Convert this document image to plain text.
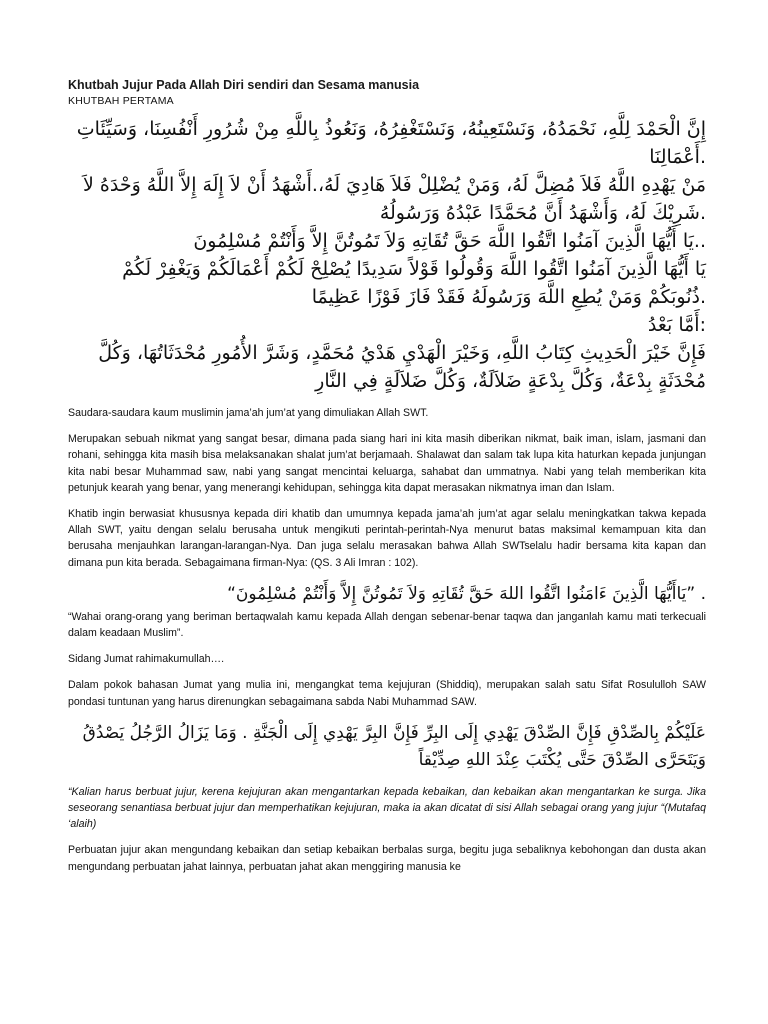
Khutbah Jujur Pada Allah Diri sendiri dan Sesama manusia
KHUTBAH PERTAMA

إِنَّ الْحَمْدَ لِلَّهِ، نَحْمَدُهُ، وَنَسْتَعِينُهُ، وَنَسْتَغْفِرُهُ، وَنَعُوذُ بِاللَّهِ مِنْ شُرُورِ أَنْفُسِنَا، وَسَيِّئَاتِ

.أَعْمَالِنَا

مَنْ يَهْدِهِ اللَّهُ فَلاَ مُضِلَّ لَهُ، وَمَنْ يُضْلِلْ فَلاَ هَادِيَ لَهُ،.أَشْهَدُ أَنْ لاَ إِلَهَ إِلاَّ اللَّهُ وَحْدَهُ لاَ

.شَرِيْكَ لَهُ، وَأَشْهَدُ أَنَّ مُحَمَّدًا عَبْدُهُ وَرَسُولُهُ

..يَا أَيُّهَا الَّذِينَ آمَنُوا اتَّقُوا اللَّهَ حَقَّ تُقَاتِهِ وَلاَ تَمُوتُنَّ إِلاَّ وَأَنْتُمْ مُسْلِمُونَ

يَا أَيُّهَا الَّذِينَ آمَنُوا اتَّقُوا اللَّهَ وَقُولُوا قَوْلاً سَدِيدًا يُصْلِحْ لَكُمْ أَعْمَالَكُمْ وَيَغْفِرْ لَكُمْ

.ذُنُوبَكُمْ وَمَنْ يُطِعِ اللَّهَ وَرَسُولَهُ فَقَدْ فَازَ فَوْزًا عَظِيمًا

:أَمَّا بَعْدُ

فَإِنَّ خَيْرَ الْحَدِيثِ كِتَابُ اللَّهِ، وَخَيْرَ الْهَدْيِ هَدْيُ مُحَمَّدٍ، وَشَرَّ الأُمُورِ مُحْدَثَاتُهَا، وَكُلَّ

مُحْدَثَةٍ بِدْعَةٌ، وَكُلَّ بِدْعَةٍ ضَلاَلَةٌ، وَكُلَّ ضَلاَلَةٍ فِي النَّارِ

Saudara-saudara kaum muslimin jama’ah jum’at yang dimuliakan Allah SWT.

Merupakan sebuah nikmat yang sangat besar, dimana pada siang hari ini kita masih diberikan nikmat, baik iman, islam, jasmani dan rohani, sehingga kita masih bisa melaksanakan shalat jum’at berjamaah. Shalawat dan salam tak lupa kita haturkan kepada junjungan kita nabi besar Muhammad saw, nabi yang sangat mencintai keluarga, sahabat dan ummatnya. Nabi yang telah memberikan kita petunjuk kearah yang benar, yang menerangi kehidupan, sehingga kita dapat merasakan nikmatnya iman dan Islam.

Khatib ingin berwasiat khususnya kepada diri khatib dan umumnya kepada jama’ah jum’at agar selalu meningkatkan takwa kepada Allah SWT, yaitu dengan selalu berusaha untuk mengikuti perintah-perintah-Nya menurut batas maksimal kemampuan kita dan berusaha menjauhkan larangan-larangan-Nya. Dan juga selalu merasakan bahwa Allah SWTselalu hadir bersama kita kapan dan dimana pun kita berada. Sebagaimana firman-Nya: (QS. 3 Ali Imran : 102).

. ”يَاأَيُّهَا الَّذِينَ ءَامَنُوا اتَّقُوا اللهَ حَقَّ تُقَاتِهِ وَلاَ تَمُوتُنَّ إِلاَّ وَأَنْتُمْ مُسْلِمُونَ“

“Wahai orang-orang yang beriman bertaqwalah kamu kepada Allah dengan sebenar-benar taqwa dan janganlah kamu mati terkecuali dalam keadaan Muslim”.

Sidang Jumat rahimakumullah….

Dalam pokok bahasan Jumat yang mulia ini, mengangkat tema kejujuran (Shiddiq), merupakan salah satu Sifat Rosululloh SAW pondasi tuntunan yang harus direnungkan sebagaimana sabda Nabi Muhammad SAW.

عَلَيْكُمْ بِالصِّدْقِ فَإِنَّ الصِّدْقَ يَهْدِي إِلَى البِرِّ فَإِنَّ البِرَّ يَهْدِي إِلَى الْجَنَّةِ . وَمَا يَزَالُ الرَّجُلُ يَصْدُقُ
وَيَتَحَرَّى الصِّدْقَ حَتَّى يُكْتَبَ عِنْدَ اللهِ صِدِّيْقاً

“Kalian harus berbuat jujur, kerena kejujuran akan mengantarkan kepada kebaikan, dan kebaikan akan mengantarkan ke surga. Jika seseorang senantiasa berbuat jujur dan memperhatikan kejujuran, maka ia akan dicatat di sisi Allah sebagai orang yang jujur “(Mutafaq ‘alaih)

Perbuatan jujur akan mengundang kebaikan dan setiap kebaikan berbalas surga, begitu juga sebaliknya kebohongan dan dusta akan mengundang perbuatan jahat lainnya, perbuatan jahat akan menggiring manusia ke
